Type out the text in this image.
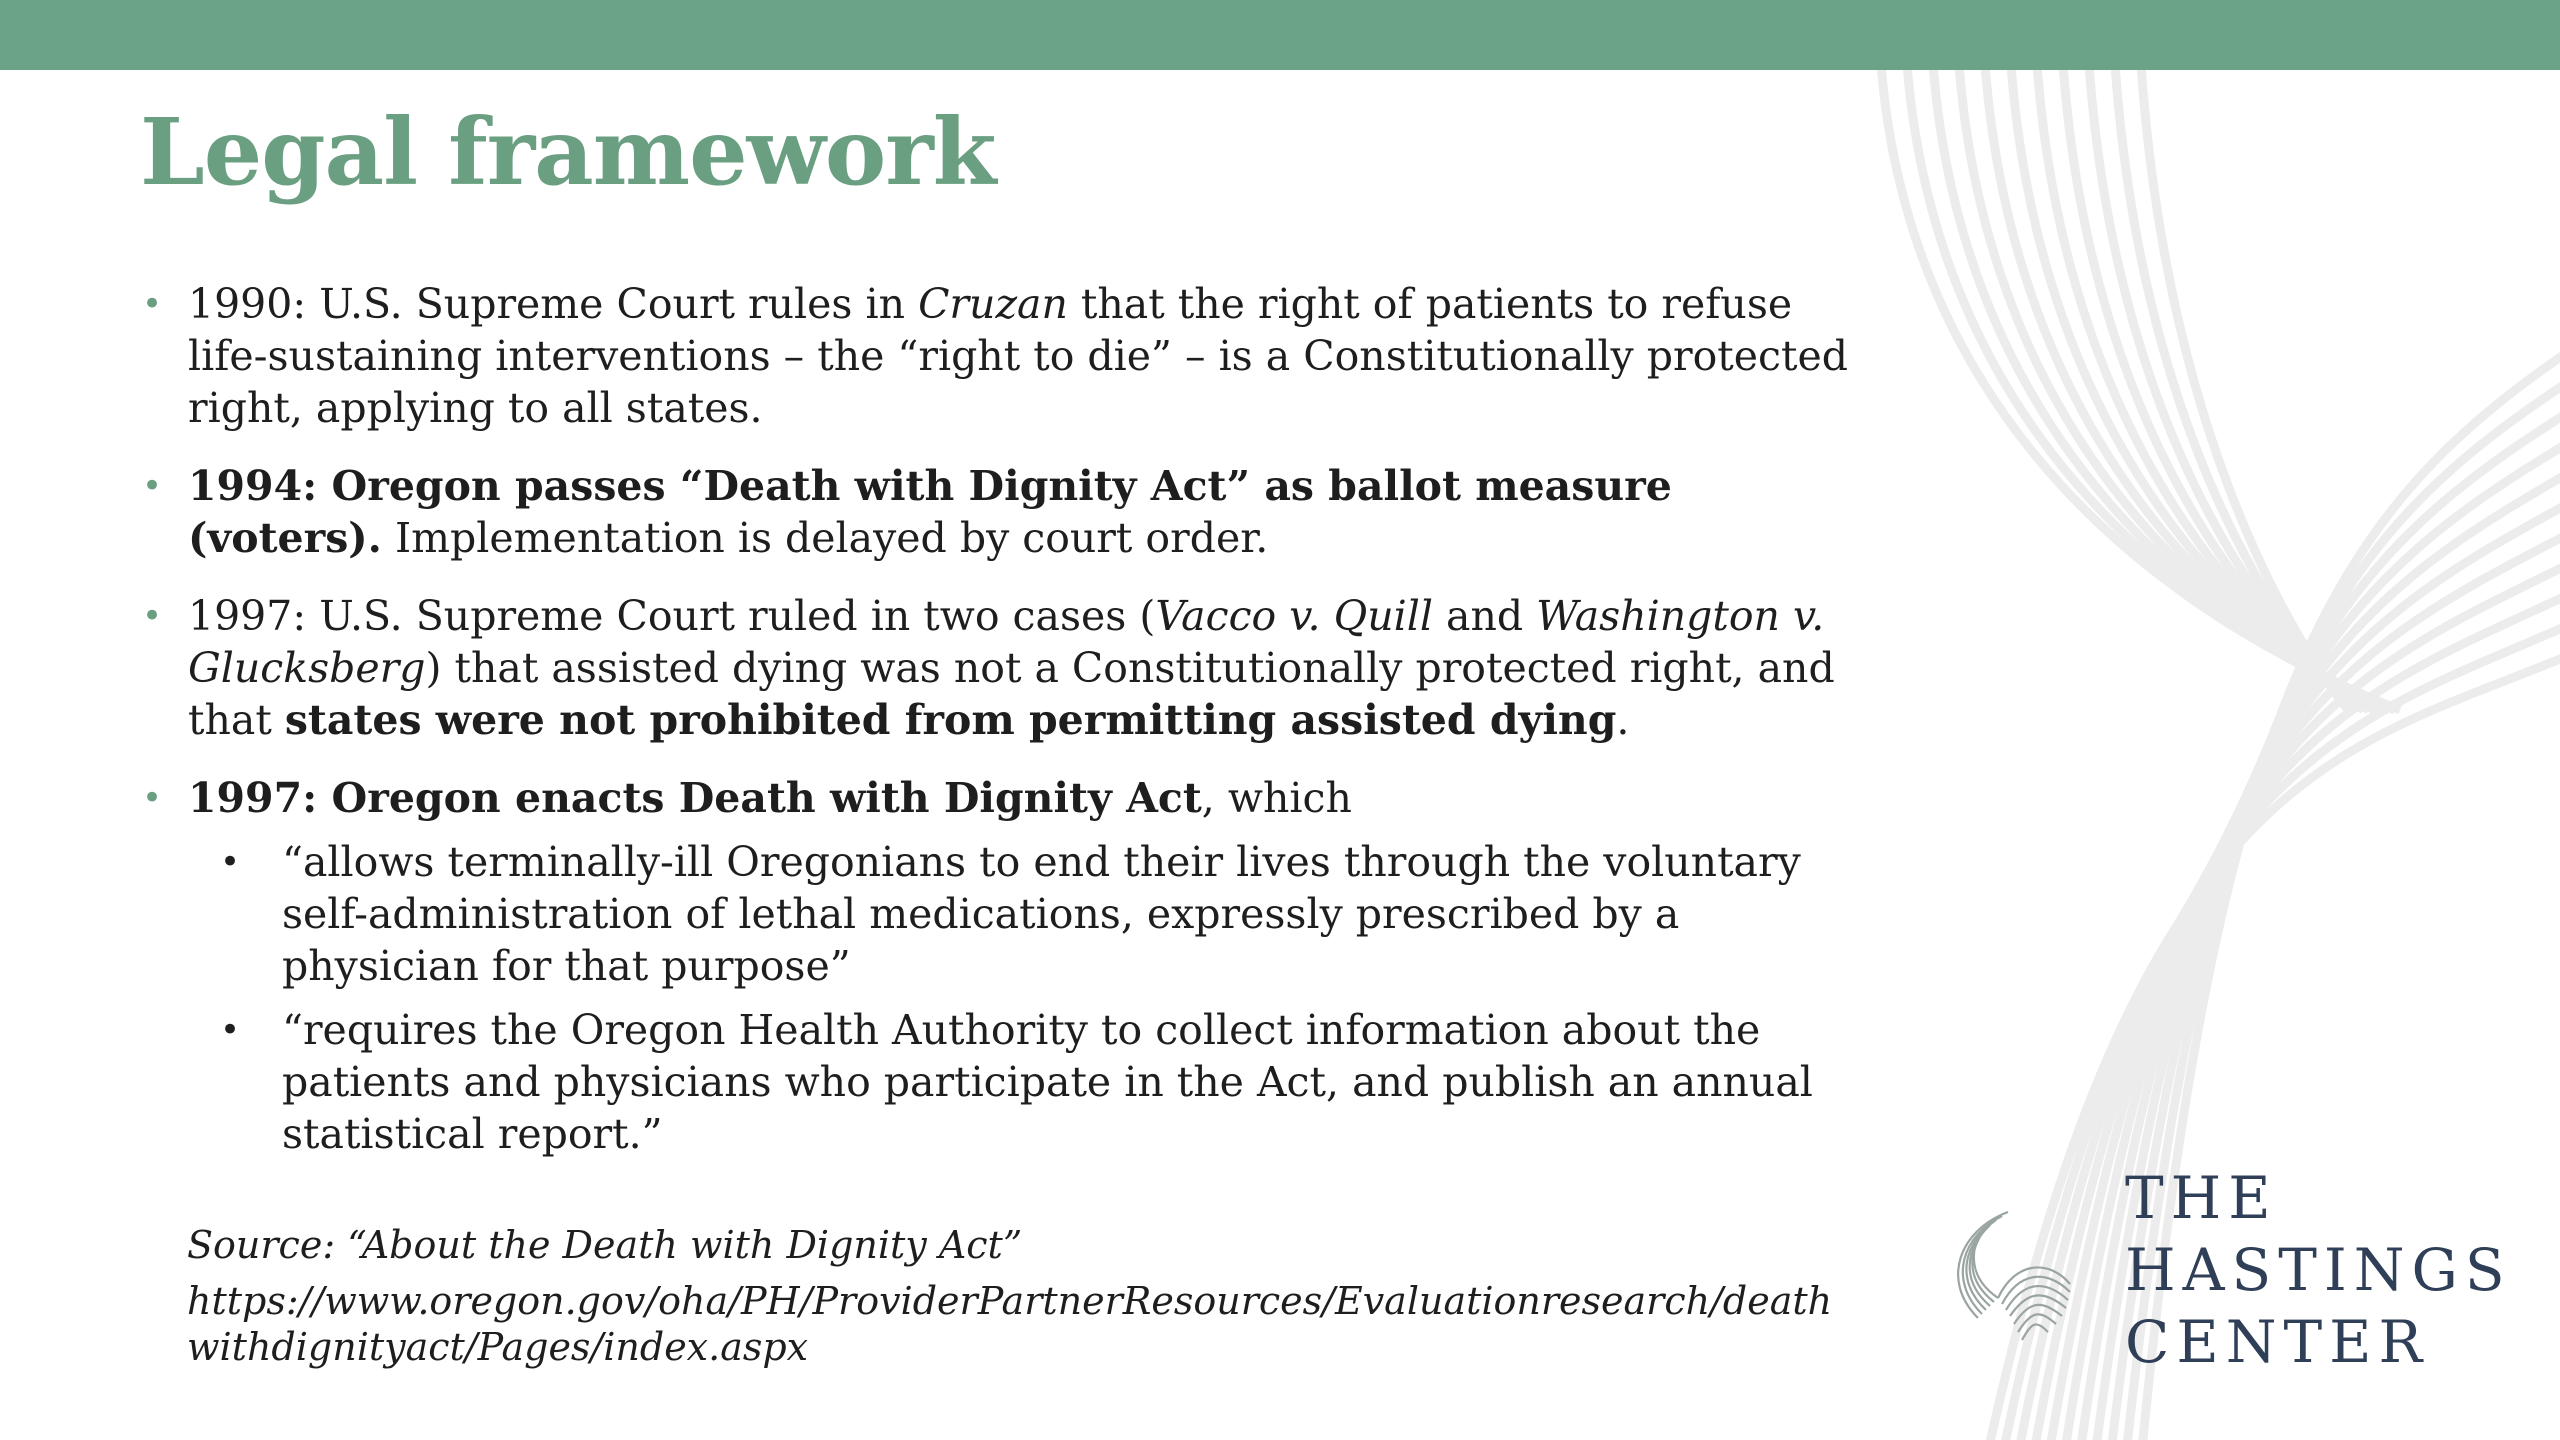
Legal framework
• 1990: U.S. Supreme Court rules in Cruzan that the right of patients to refuse life-sustaining interventions – the “right to die” – is a Constitutionally protected right, applying to all states.
• 1994: Oregon passes “Death with Dignity Act” as ballot measure (voters). Implementation is delayed by court order.
• 1997: U.S. Supreme Court ruled in two cases (Vacco v. Quill and Washington v. Glucksberg) that assisted dying was not a Constitutionally protected right, and that states were not prohibited from permitting assisted dying.
• 1997: Oregon enacts Death with Dignity Act, which
• “allows terminally-ill Oregonians to end their lives through the voluntary self-administration of lethal medications, expressly prescribed by a physician for that purpose”
• “requires the Oregon Health Authority to collect information about the patients and physicians who participate in the Act, and publish an annual statistical report.”
Source: “About the Death with Dignity Act”
https://www.oregon.gov/oha/PH/ProviderPartnerResources/Evaluationresearch/deathwithdignityact/Pages/index.aspx
THE
HASTINGS
CENTER
